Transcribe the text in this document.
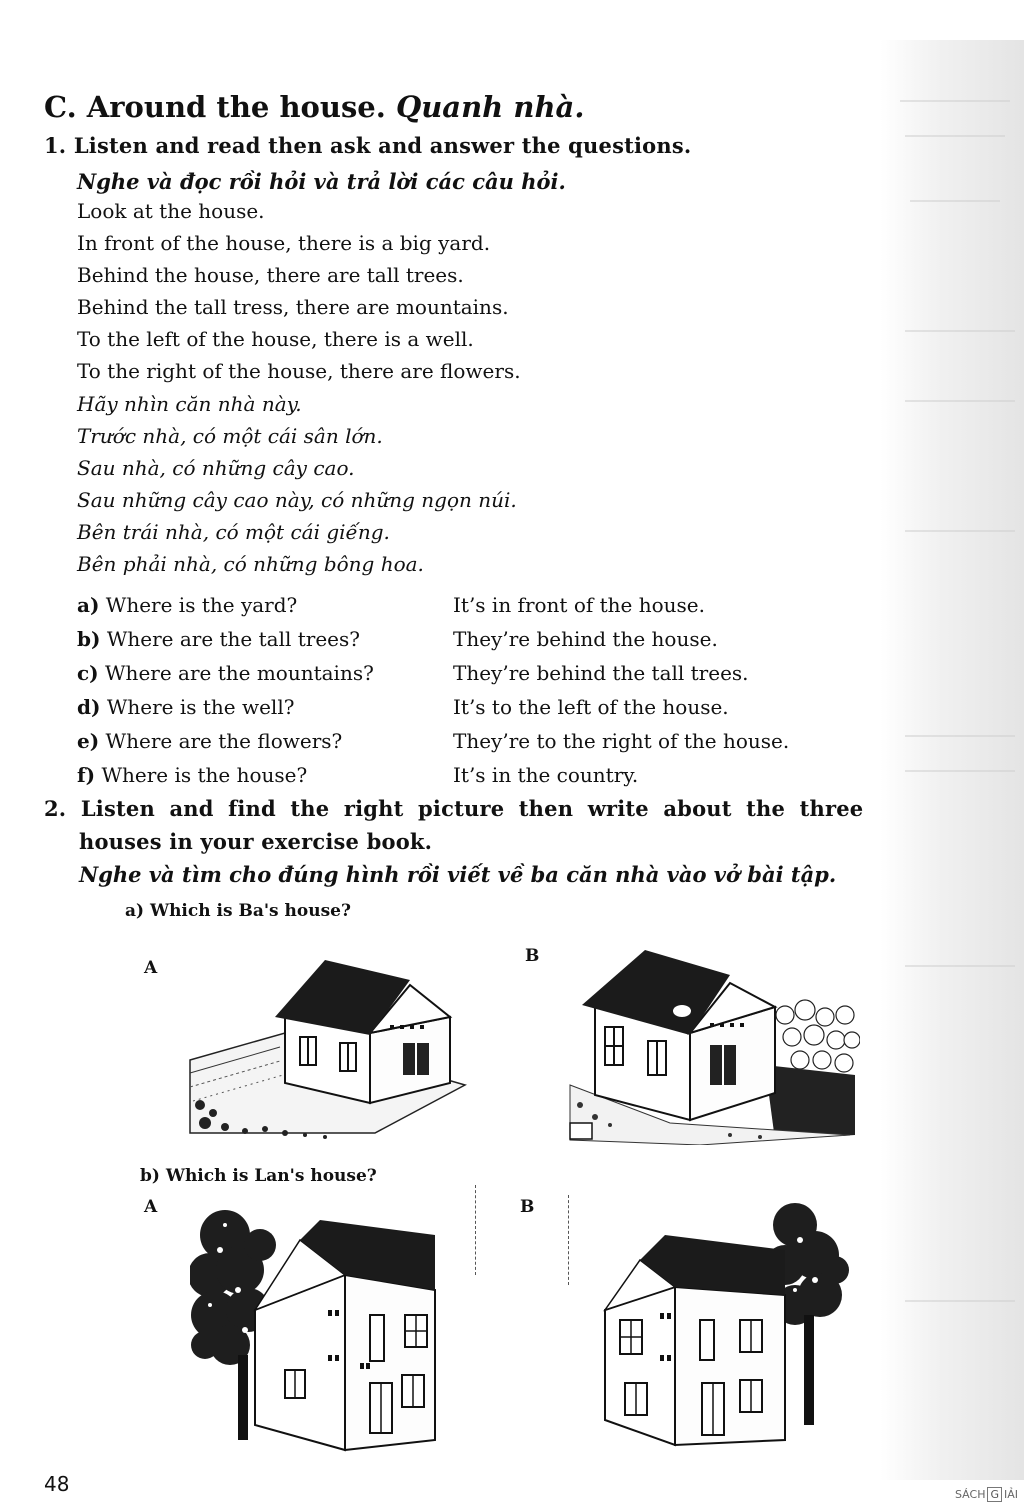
C. Around the house. Quanh nhà.
1. Listen and read then ask and answer the questions.
Nghe và đọc rồi hỏi và trả lời các câu hỏi.
Look at the house.
In front of the house, there is a big yard.
Behind the house, there are tall trees.
Behind the tall tress, there are mountains.
To the left of the house, there is a well.
To the right of the house, there are flowers.
Hãy nhìn căn nhà này.
Trước nhà, có một cái sân lớn.
Sau nhà, có những cây cao.
Sau những cây cao này, có những ngọn núi.
Bên trái nhà, có một cái giếng.
Bên phải nhà, có những bông hoa.
a) Where is the yard?	It’s in front of the house.
b) Where are the tall trees?	They’re behind the house.
c) Where are the mountains?	They’re behind the tall trees.
d) Where is the well?	It’s to the left of the house.
e) Where are the flowers?	They’re to the right of the house.
f) Where is the house?	It’s in the country.
2. Listen and find the right picture then write about the three
houses in your exercise book.
Nghe và tìm cho đúng hình rồi viết về ba căn nhà vào vở bài tập.
a) Which is Ba's house?
A
B
b) Which is Lan's house?
A	B
48	SÁCH G IẢI
